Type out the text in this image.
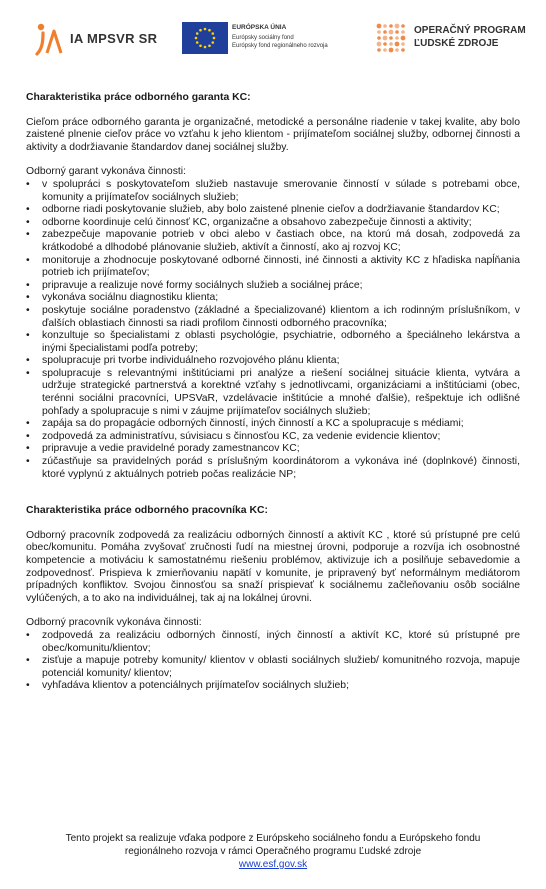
IA MPSVR SR
EURÓPSKA ÚNIA
Európsky sociálny fond
Európsky fond regionálneho rozvoja
OPERAČNÝ PROGRAM
ĽUDSKÉ ZDROJE

Charakteristika práce odborného garanta KC:

Cieľom práce odborného garanta je organizačné, metodické a personálne riadenie v takej kvalite, aby bolo zaistené plnenie cieľov práce vo vzťahu k jeho klientom - prijímateľom sociálnej služby, odbornej činnosti a aktivity a dodržiavanie štandardov danej sociálnej služby.

Odborný garant vykonáva činnosti:

• v spolupráci s poskytovateľom služieb nastavuje smerovanie činností v súlade s potrebami obce, komunity a prijímateľov sociálnych služieb;
• odborne riadi poskytovanie služieb, aby bolo zaistené plnenie cieľov a dodržiavanie štandardov KC;
• odborne koordinuje celú činnosť KC, organizačne a obsahovo zabezpečuje činnosti a aktivity;
• zabezpečuje mapovanie potrieb v obci alebo v častiach obce, na ktorú má dosah, zodpovedá za krátkodobé a dlhodobé plánovanie služieb, aktivít a činností, ako aj rozvoj KC;
• monitoruje a zhodnocuje poskytované odborné činnosti, iné činnosti a aktivity KC z hľadiska napĺňania potrieb ich prijímateľov;
• pripravuje a realizuje nové formy sociálnych služieb a sociálnej práce;
• vykonáva sociálnu diagnostiku klienta;
• poskytuje sociálne poradenstvo (základné a špecializované) klientom a ich rodinným príslušníkom, v ďalších oblastiach činnosti sa riadi profilom činnosti odborného pracovníka;
• konzultuje so špecialistami z oblasti psychológie, psychiatrie, odborného a špeciálneho lekárstva a inými špecialistami podľa potreby;
• spolupracuje pri tvorbe individuálneho rozvojového plánu klienta;
• spolupracuje s relevantnými inštitúciami pri analýze a riešení sociálnej situácie klienta, vytvára a udržuje strategické partnerstvá a korektné vzťahy s jednotlivcami, organizáciami a inštitúciami (obec, terénni sociálni pracovníci, UPSVaR, vzdelávacie inštitúcie a mnohé ďalšie), rešpektuje ich odlišné pohľady a spolupracuje s nimi v záujme prijímateľov sociálnych služieb;
• zapája sa do propagácie odborných činností, iných činností a KC a spolupracuje s médiami;
• zodpovedá za administratívu, súvisiacu s činnosťou KC, za vedenie evidencie klientov;
• pripravuje a vedie pravidelné porady zamestnancov KC;
• zúčastňuje sa pravidelných porád s príslušným koordinátorom a vykonáva iné (doplnkové) činnosti, ktoré vyplynú z aktuálnych potrieb počas realizácie NP;

Charakteristika práce odborného pracovníka KC:

Odborný pracovník zodpovedá za realizáciu odborných činností a aktivít KC , ktoré sú prístupné pre celú obec/komunitu. Pomáha zvyšovať zručnosti ľudí na miestnej úrovni, podporuje a rozvíja ich osobnostné kompetencie a motiváciu k samostatnému riešeniu problémov, aktivizuje ich a posilňuje sebavedomie a zodpovednosť. Prispieva k zmierňovaniu napätí v komunite, je pripravený byť neformálnym mediátorom prípadných konfliktov. Svojou činnosťou sa snaží prispievať k sociálnemu začleňovaniu osôb sociálne vylúčených, a to ako na individuálnej, tak aj na lokálnej úrovni.

Odborný pracovník vykonáva činnosti:

• zodpovedá za realizáciu odborných činností, iných činností a aktivít KC, ktoré sú prístupné pre obec/komunitu/klientov;
• zisťuje a mapuje potreby komunity/ klientov v oblasti sociálnych služieb/ komunitného rozvoja, mapuje potenciál komunity/ klientov;
• vyhľadáva klientov a potenciálnych prijímateľov sociálnych služieb;
Tento projekt sa realizuje vďaka podpore z Európskeho sociálneho fondu a Európskeho fondu
regionálneho rozvoja v rámci Operačného programu Ľudské zdroje
www.esf.gov.sk
